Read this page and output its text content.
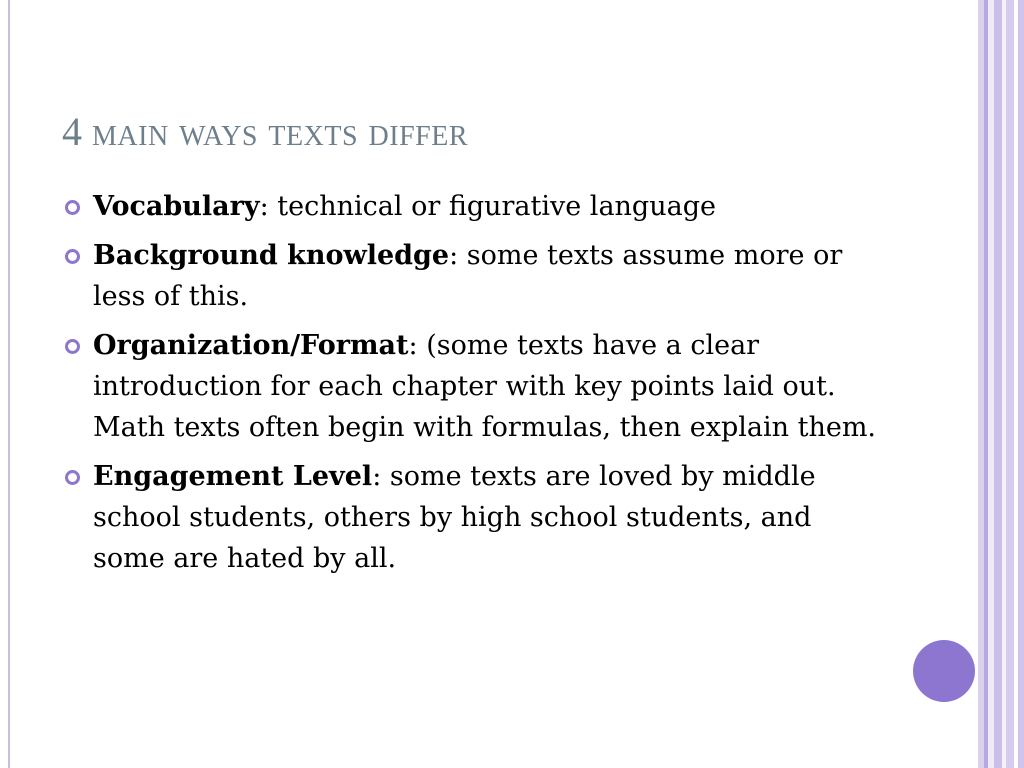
4 main ways texts differ
Vocabulary: technical or figurative language
Background knowledge: some texts assume more or less of this.
Organization/Format: (some texts have a clear introduction for each chapter with key points laid out. Math texts often begin with formulas, then explain them.
Engagement Level: some texts are loved by middle school students, others by high school students, and some are hated by all.
